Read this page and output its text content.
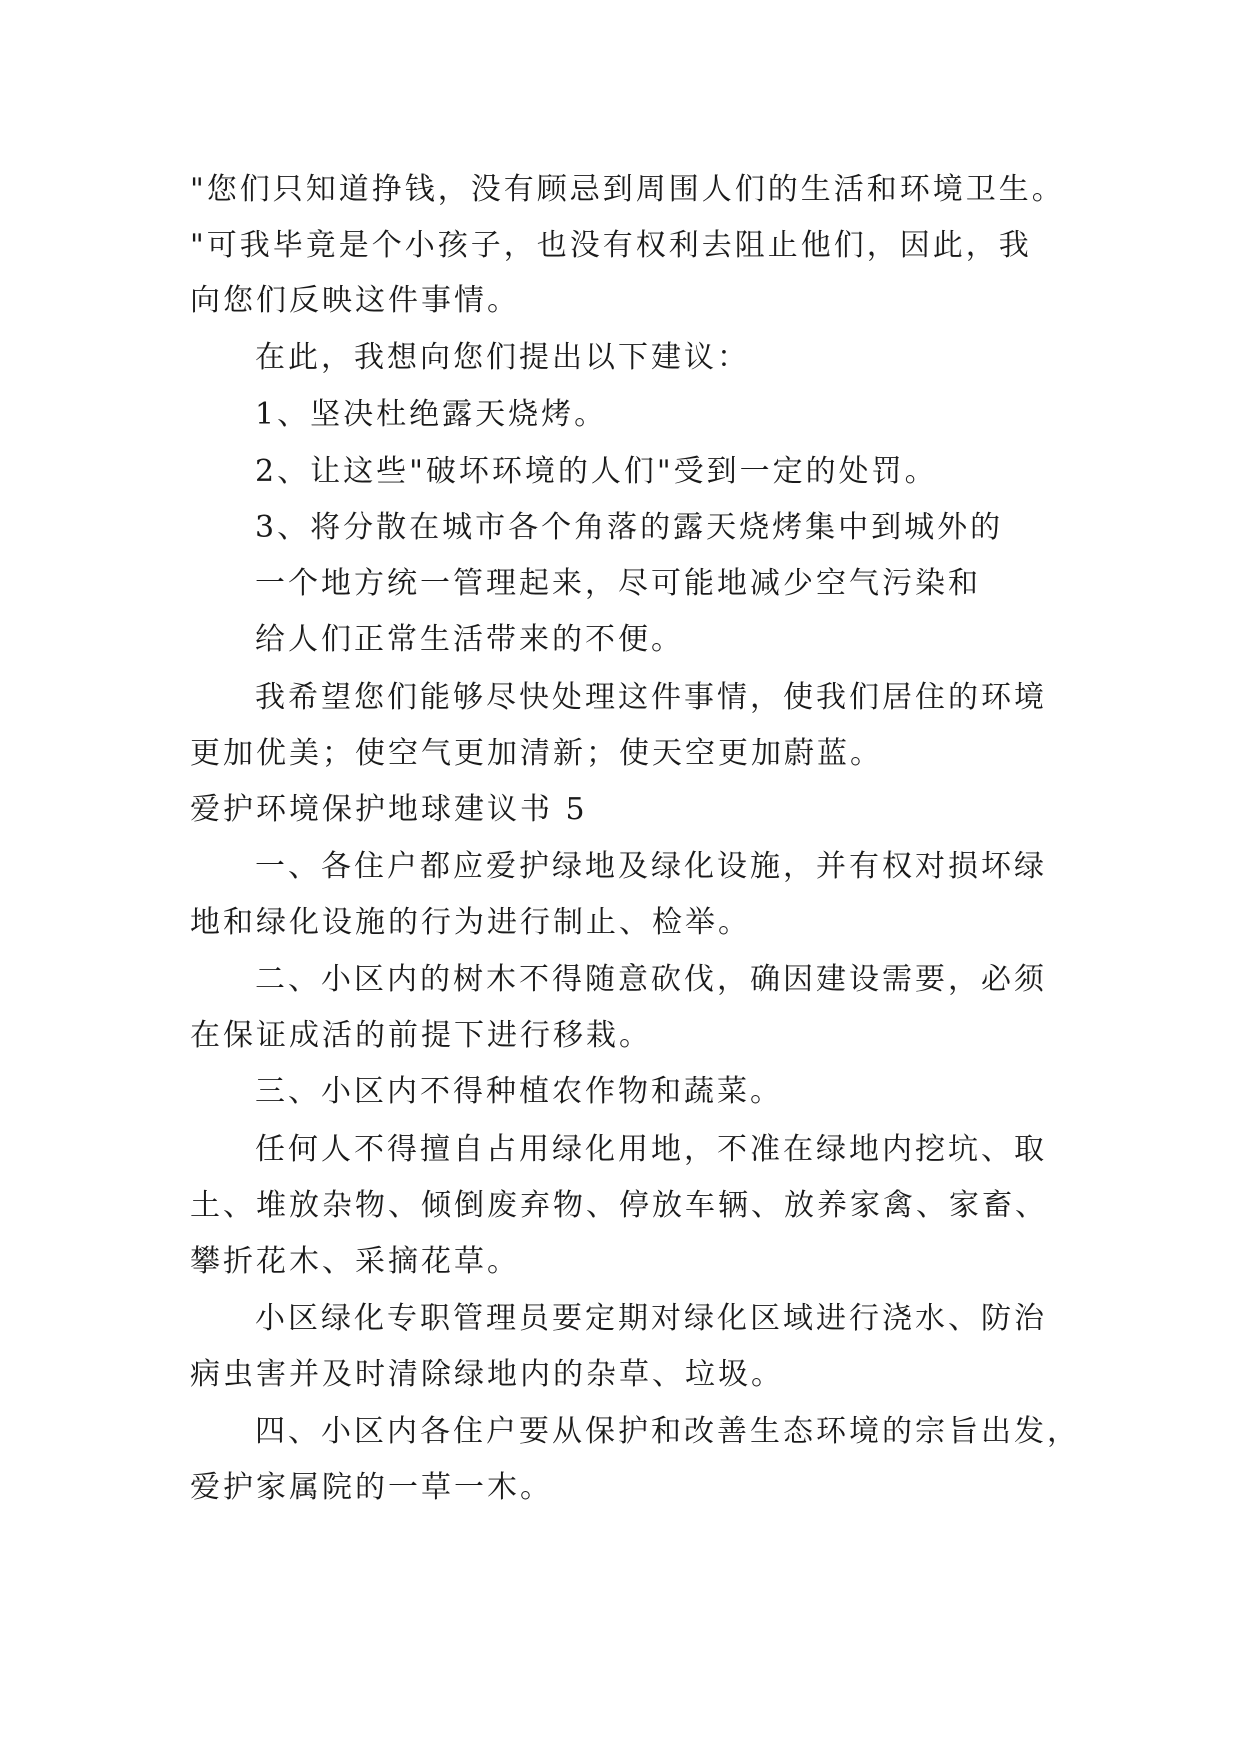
"您们只知道挣钱，没有顾忌到周围人们的生活和环境卫生。
"可我毕竟是个小孩子，也没有权利去阻止他们，因此，我
向您们反映这件事情。
在此，我想向您们提出以下建议：
1、坚决杜绝露天烧烤。
2、让这些"破坏环境的人们"受到一定的处罚。
3、将分散在城市各个角落的露天烧烤集中到城外的
一个地方统一管理起来，尽可能地减少空气污染和
给人们正常生活带来的不便。
我希望您们能够尽快处理这件事情，使我们居住的环境
更加优美；使空气更加清新；使天空更加蔚蓝。
爱护环境保护地球建议书 5
一、各住户都应爱护绿地及绿化设施，并有权对损坏绿
地和绿化设施的行为进行制止、检举。
二、小区内的树木不得随意砍伐，确因建设需要，必须
在保证成活的前提下进行移栽。
三、小区内不得种植农作物和蔬菜。
任何人不得擅自占用绿化用地，不准在绿地内挖坑、取
土、堆放杂物、倾倒废弃物、停放车辆、放养家禽、家畜、
攀折花木、采摘花草。
小区绿化专职管理员要定期对绿化区域进行浇水、防治
病虫害并及时清除绿地内的杂草、垃圾。
四、小区内各住户要从保护和改善生态环境的宗旨出发，
爱护家属院的一草一木。
